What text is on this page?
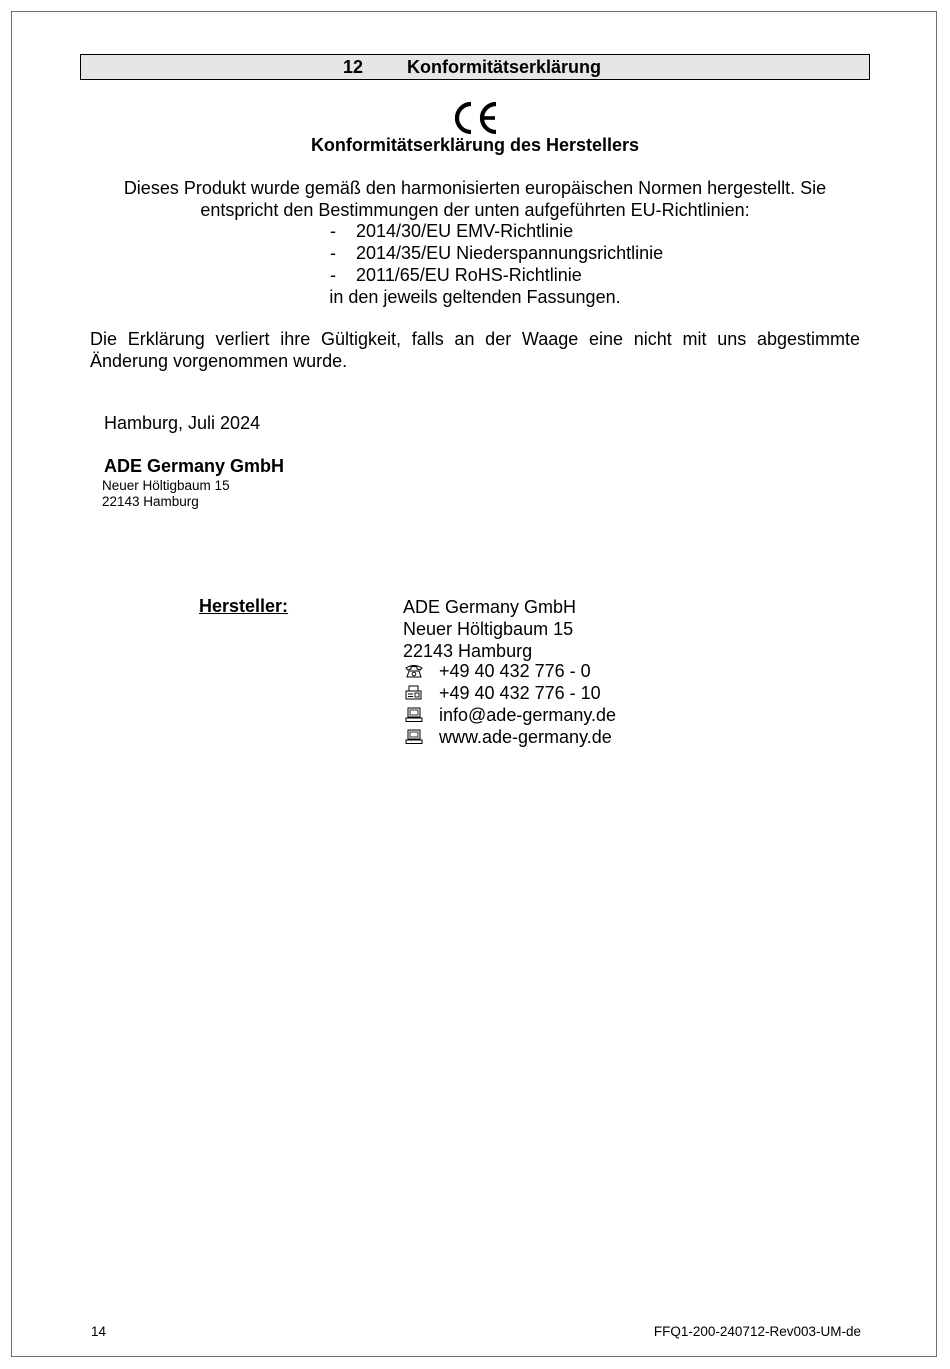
12 Konformitätserklärung
Konformitätserklärung des Herstellers
Dieses Produkt wurde gemäß den harmonisierten europäischen Normen hergestellt. Sie entspricht den Bestimmungen der unten aufgeführten EU-Richtlinien:
- 2014/30/EU EMV-Richtlinie
- 2014/35/EU Niederspannungsrichtlinie
- 2011/65/EU RoHS-Richtlinie
in den jeweils geltenden Fassungen.
Die Erklärung verliert ihre Gültigkeit, falls an der Waage eine nicht mit uns abgestimmte Änderung vorgenommen wurde.
Hamburg, Juli 2024
ADE Germany GmbH
Neuer Höltigbaum 15
22143 Hamburg
Hersteller:	ADE Germany GmbH
Neuer Höltigbaum 15
22143 Hamburg
+49 40 432 776 - 0
+49 40 432 776 - 10
info@ade-germany.de
www.ade-germany.de
14	FFQ1-200-240712-Rev003-UM-de
